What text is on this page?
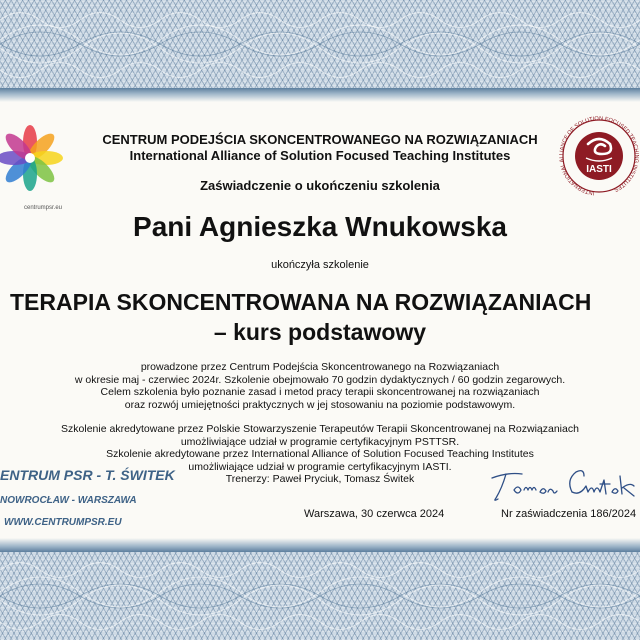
centrumpsr.eu
INTERNATIONAL ALLIANCE OF SOLUTION FOCUSED TEACHING INSTITUTES
IASTI
CENTRUM PODEJŚCIA SKONCENTROWANEGO NA ROZWIĄZANIACH
International Alliance of Solution Focused Teaching Institutes
Zaświadczenie o ukończeniu szkolenia
Pani Agnieszka Wnukowska
ukończyła szkolenie
TERAPIA SKONCENTROWANA NA ROZWIĄZANIACH
– kurs podstawowy
prowadzone przez Centrum Podejścia Skoncentrowanego na Rozwiązaniach
w okresie maj - czerwiec 2024r. Szkolenie obejmowało 70 godzin dydaktycznych / 60 godzin zegarowych.
Celem szkolenia było poznanie zasad i metod pracy terapii skoncentrowanej na rozwiązaniach
oraz rozwój umiejętności praktycznych w jej stosowaniu na poziomie podstawowym.
Szkolenie akredytowane przez Polskie Stowarzyszenie Terapeutów Terapii Skoncentrowanej na Rozwiązaniach
umożliwiające udział w programie certyfikacyjnym PSTTSR.
Szkolenie akredytowane przez International Alliance of Solution Focused Teaching Institutes
umożliwiające udział w programie certyfikacyjnym IASTI.
Trenerzy: Paweł Pryciuk, Tomasz Świtek
ENTRUM PSR - T. ŚWITEK
NOWROCŁAW - WARSZAWA
WWW.CENTRUMPSR.EU
Warszawa, 30 czerwca 2024	Nr zaświadczenia 186/2024
